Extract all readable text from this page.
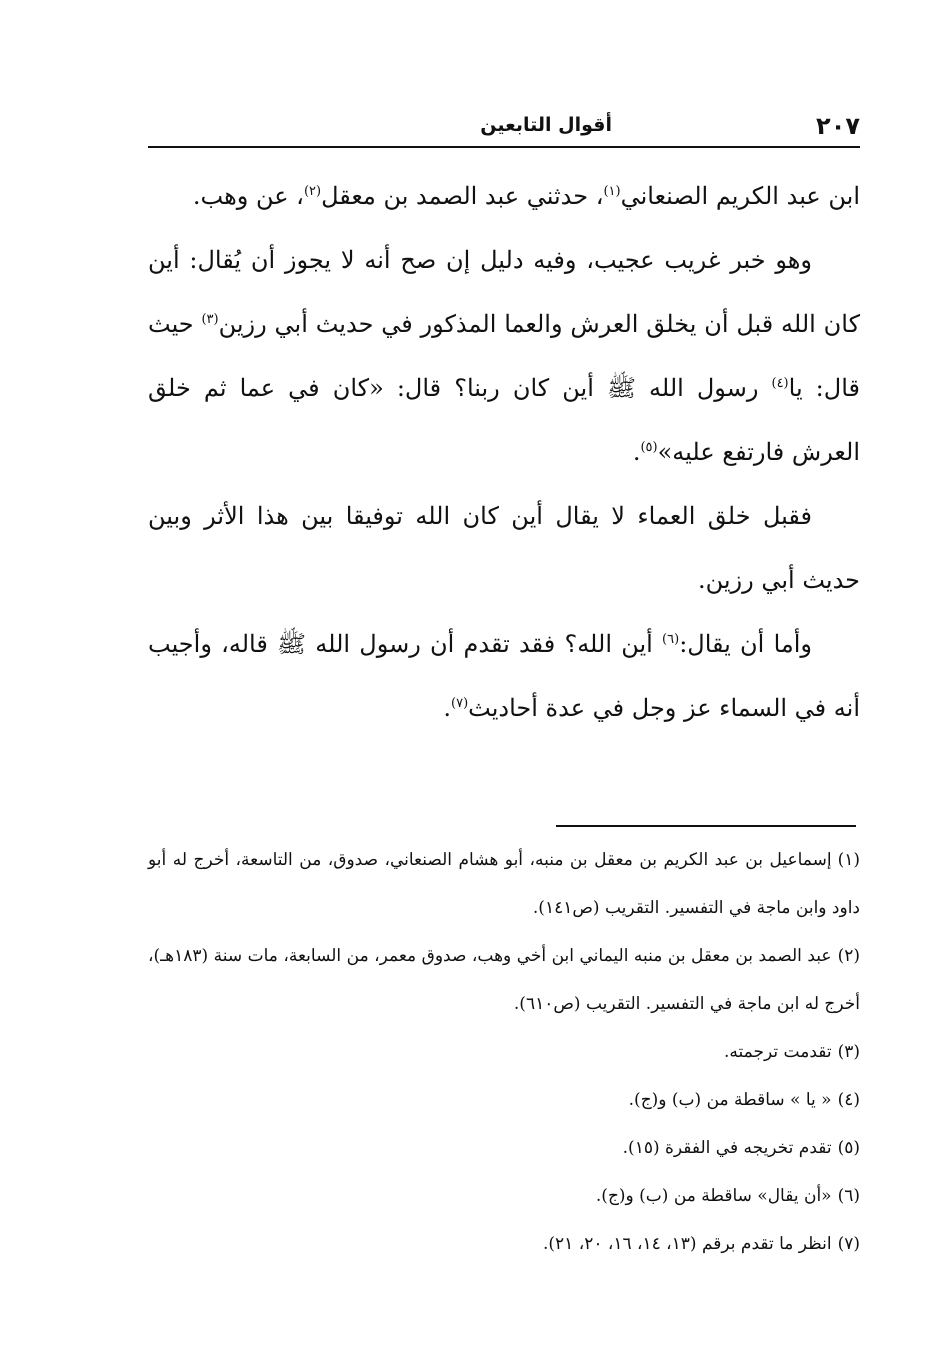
٢٠٧
أقوال التابعين

ابن عبد الكريم الصنعاني$^{(١)}$، حدثني عبد الصمد بن معقل$^{(٢)}$، عن وهب.

وهو خبر غريب عجيب، وفيه دليل إن صح أنه لا يجوز أن يُقال: أين كان الله قبل أن يخلق العرش والعما المذكور في حديث أبي رزين$^{(٣)}$ حيث قال: يا$^{(٤)}$ رسول الله ﷺ أين كان ربنا؟ قال: «كان في عما ثم خلق العرش فارتفع عليه»$^{(٥)}$.

فقبل خلق العماء لا يقال أين كان الله توفيقا بين هذا الأثر وبين حديث أبي رزين.

وأما أن يقال:$^{(٦)}$ أين الله؟ فقد تقدم أن رسول الله ﷺ قاله، وأجيب أنه في السماء عز وجل في عدة أحاديث$^{(٧)}$.

(١)إسماعيل بن عبد الكريم بن معقل بن منبه، أبو هشام الصنعاني، صدوق، من التاسعة، أخرج له أبو داود وابن ماجة في التفسير. التقريب (ص١٤١).

(٢)عبد الصمد بن معقل بن منبه اليماني ابن أخي وهب، صدوق معمر، من السابعة، مات سنة (١٨٣هـ)، أخرج له ابن ماجة في التفسير. التقريب (ص٦١٠).

(٣)تقدمت ترجمته.

(٤)« يا » ساقطة من (ب) و(ج).

(٥)تقدم تخريجه في الفقرة (١٥).

(٦)«أن يقال» ساقطة من (ب) و(ج).

(٧)انظر ما تقدم برقم (١٣، ١٤، ١٦، ٢٠، ٢١).
